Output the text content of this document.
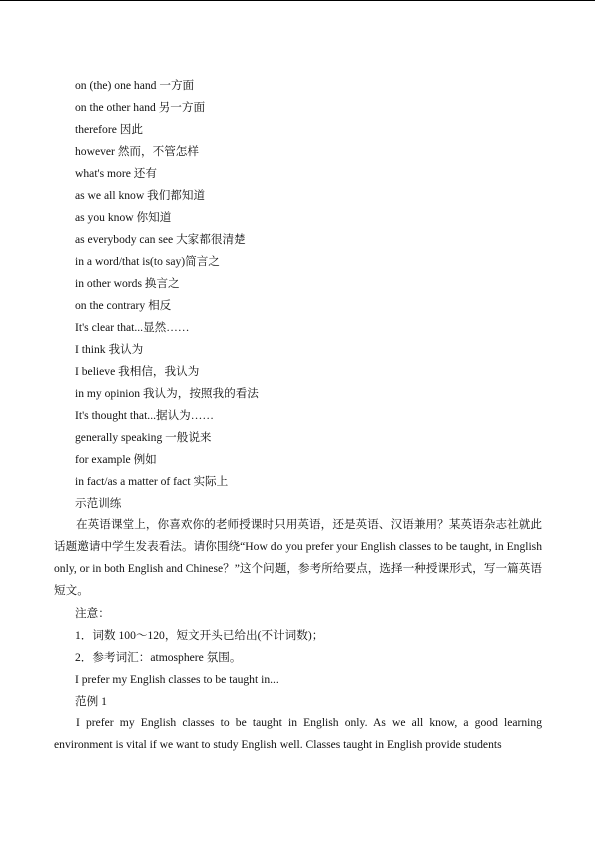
on (the) one hand 一方面
on the other hand 另一方面
therefore 因此
however 然而，不管怎样
what's more 还有
as we all know 我们都知道
as you know 你知道
as everybody can see 大家都很清楚
in a word/that is(to say)简言之
in other words 换言之
on the contrary 相反
It's clear that...显然……
I think 我认为
I believe 我相信，我认为
in my opinion 我认为，按照我的看法
It's thought that...据认为……
generally speaking 一般说来
for example 例如
in fact/as a matter of fact 实际上
示范训练

在英语课堂上，你喜欢你的老师授课时只用英语，还是英语、汉语兼用？某英语杂志社就此话题邀请中学生发表看法。请你围绕“How do you prefer your English classes to be taught, in English only, or in both English and Chinese？”这个问题，参考所给要点，选择一种授课形式，写一篇英语短文。

注意：
1．词数 100～120，短文开头已给出(不计词数)；
2．参考词汇：atmosphere 氛围。
I prefer my English classes to be taught in...
范例 1

I prefer my English classes to be taught in English only. As we all know, a good learning environment is vital if we want to study English well. Classes taught in English provide students
